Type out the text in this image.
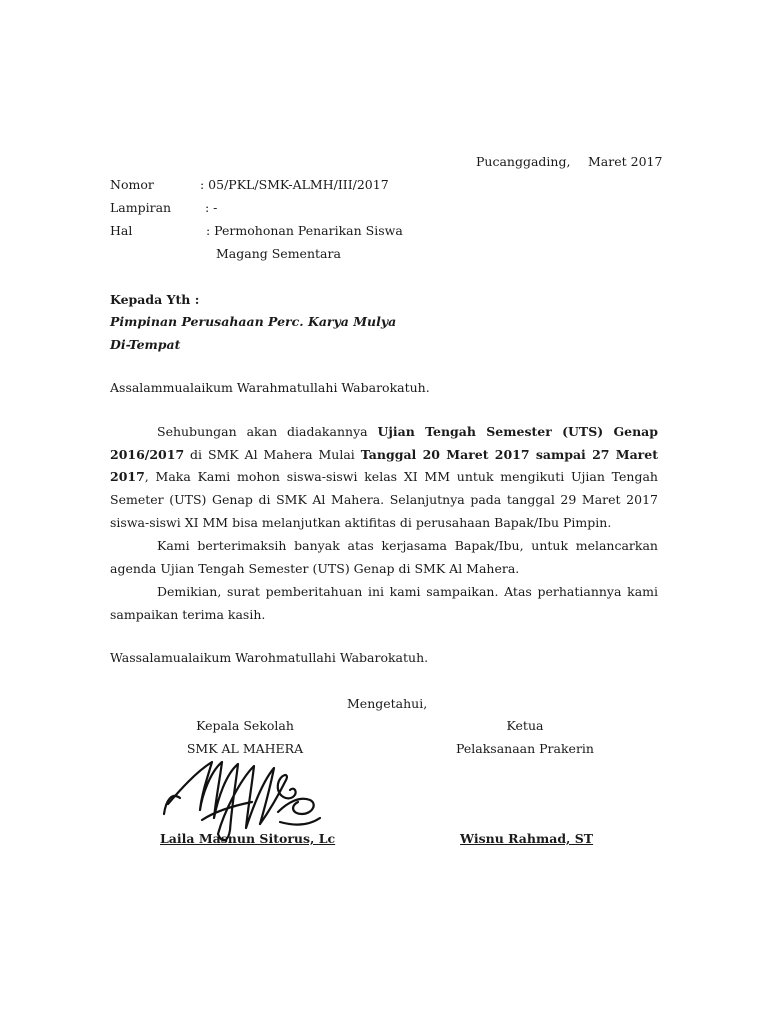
Pucanggading, Maret 2017
Nomor	: 05/PKL/SMK-ALMH/III/2017
Lampiran	: -
Hal	: Permohonan Penarikan Siswa
Magang Sementara
Kepada Yth :
Pimpinan Perusahaan Perc. Karya Mulya
Di-Tempat
Assalammualaikum Warahmatullahi Wabarokatuh.
Sehubungan akan diadakannya Ujian Tengah Semester (UTS) Genap 2016/2017 di SMK Al Mahera Mulai Tanggal 20 Maret 2017 sampai 27 Maret 2017, Maka Kami mohon siswa-siswi kelas XI MM untuk mengikuti Ujian Tengah Semeter (UTS) Genap di SMK Al Mahera. Selanjutnya pada tanggal 29 Maret 2017 siswa-siswi XI MM bisa melanjutkan aktifitas di perusahaan Bapak/Ibu Pimpin.
Kami berterimaksih banyak atas kerjasama Bapak/Ibu, untuk melancarkan agenda Ujian Tengah Semester (UTS) Genap di SMK Al Mahera.
Demikian, surat pemberitahuan ini kami sampaikan. Atas perhatiannya kami sampaikan terima kasih.
Wassalamualaikum Warohmatullahi Wabarokatuh.
Mengetahui,
Kepala Sekolah
SMK AL MAHERA
Ketua
Pelaksanaan Prakerin
Laila Masnun Sitorus, Lc	Wisnu Rahmad, ST
